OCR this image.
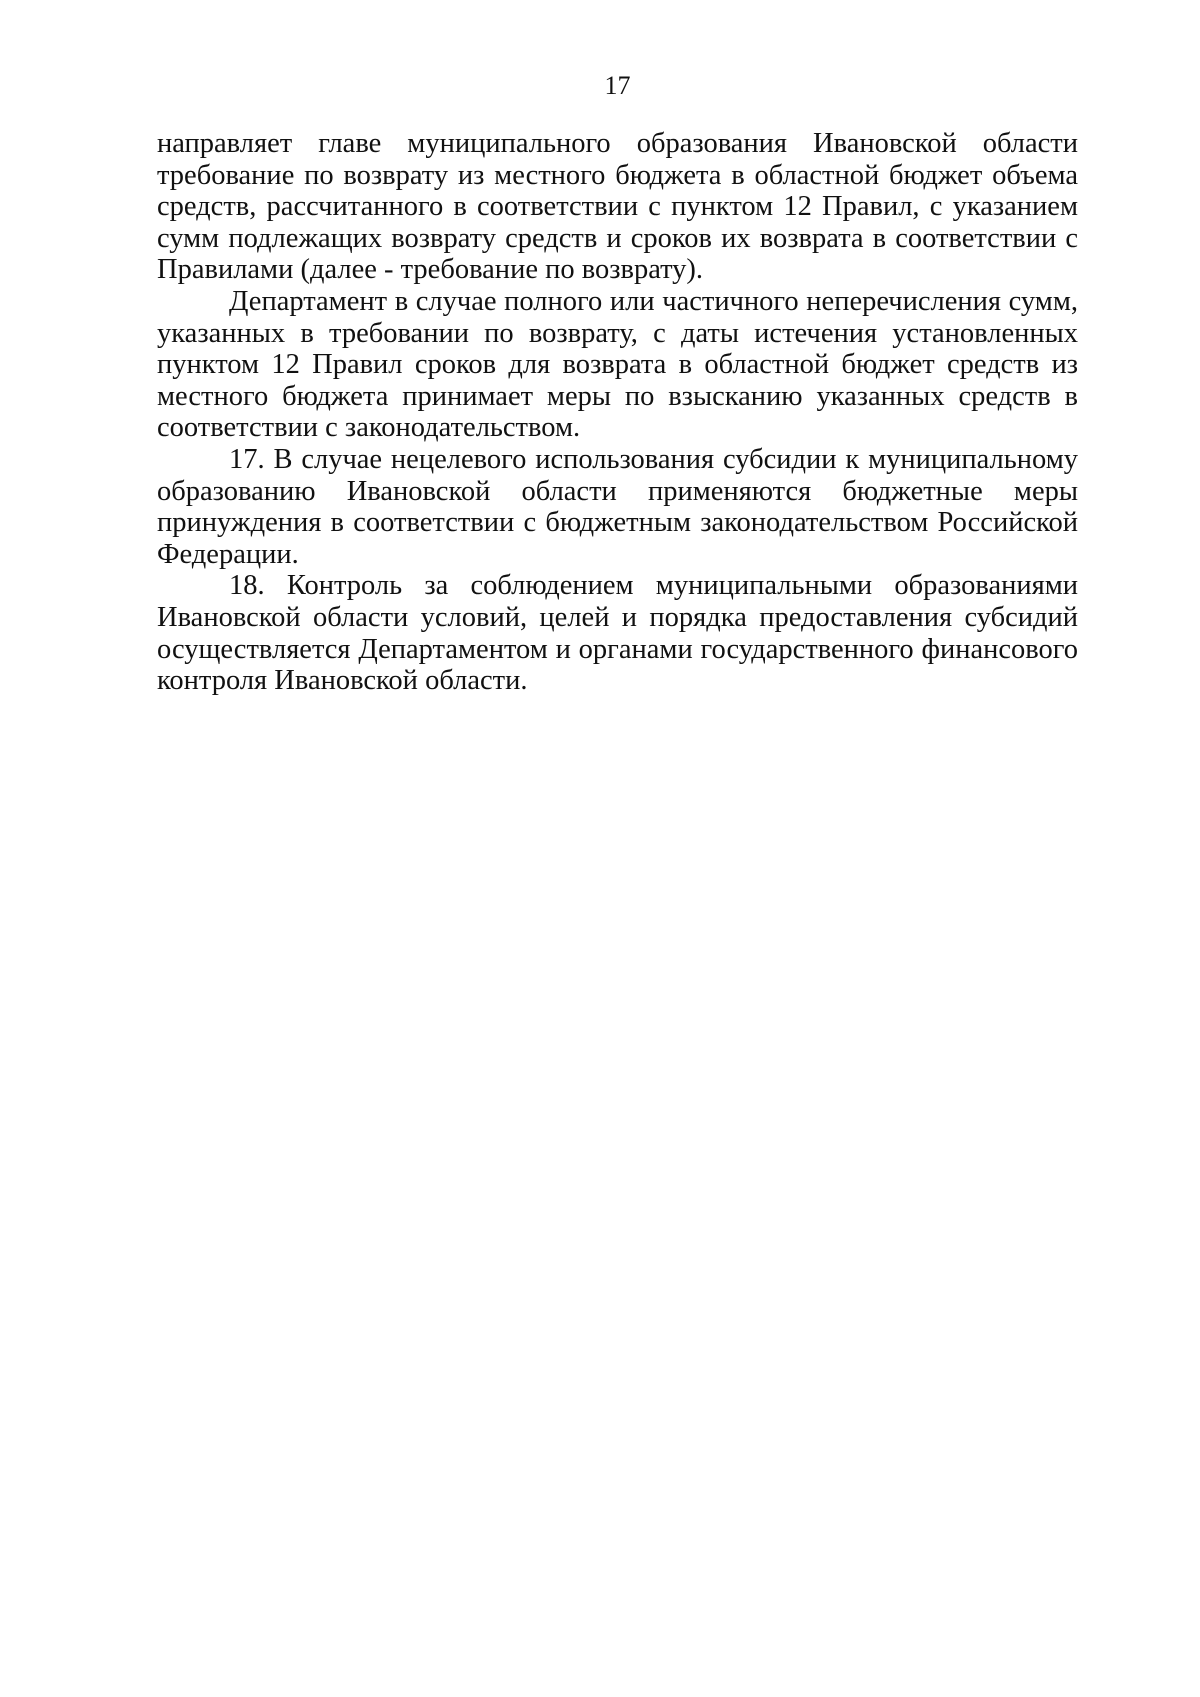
17

направляет главе муниципального образования Ивановской области требование по возврату из местного бюджета в областной бюджет объема средств, рассчитанного в соответствии с пунктом 12 Правил, с указанием сумм подлежащих возврату средств и сроков их возврата в соответствии с Правилами (далее - требование по возврату).

Департамент в случае полного или частичного неперечисления сумм, указанных в требовании по возврату, с даты истечения установленных пунктом 12 Правил сроков для возврата в областной бюджет средств из местного бюджета принимает меры по взысканию указанных средств в соответствии с законодательством.

17. В случае нецелевого использования субсидии к муниципальному образованию Ивановской области применяются бюджетные меры принуждения в соответствии с бюджетным законодательством Российской Федерации.

18. Контроль за соблюдением муниципальными образованиями Ивановской области условий, целей и порядка предоставления субсидий осуществляется Департаментом и органами государственного финансового контроля Ивановской области.
